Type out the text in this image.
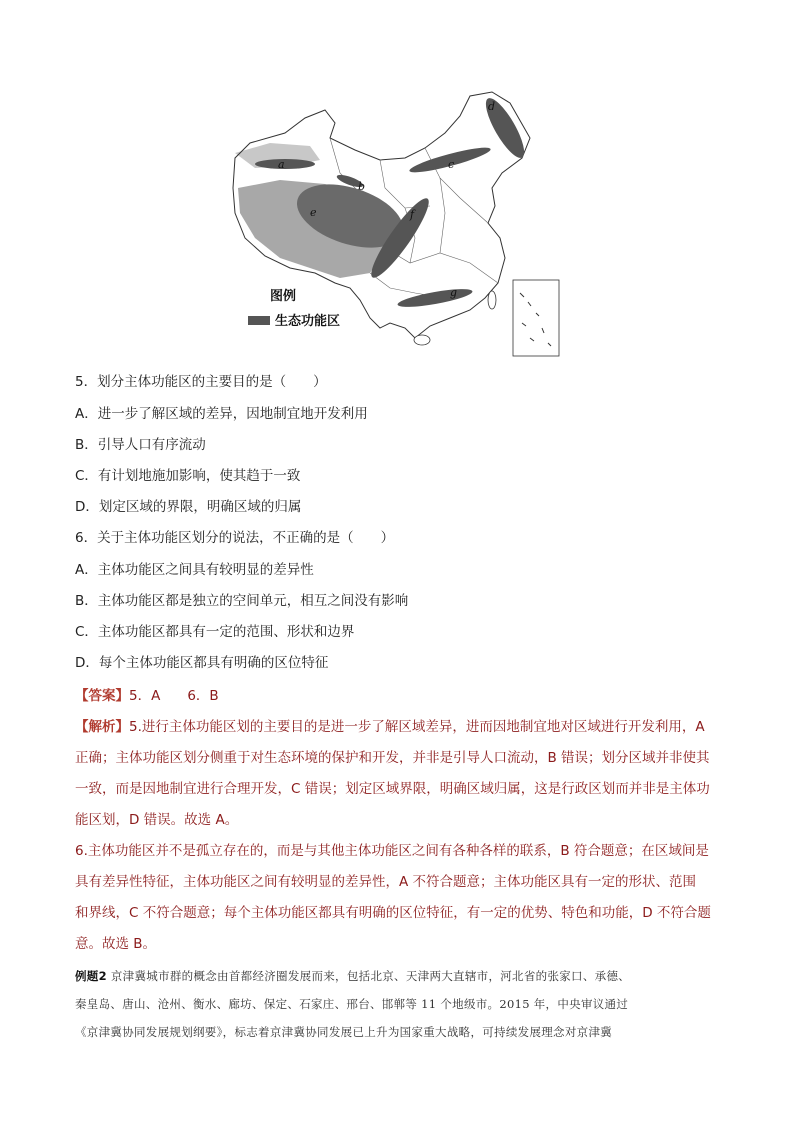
a
b
c
d
e	f
g
图例
生态功能区
5．划分主体功能区的主要目的是（　　）
A．进一步了解区域的差异，因地制宜地开发利用
B．引导人口有序流动
C．有计划地施加影响，使其趋于一致
D．划定区域的界限，明确区域的归属
6．关于主体功能区划分的说法，不正确的是（　　）
A．主体功能区之间具有较明显的差异性
B．主体功能区都是独立的空间单元，相互之间没有影响
C．主体功能区都具有一定的范围、形状和边界
D．每个主体功能区都具有明确的区位特征
【答案】5．A　　6．B
【解析】5.进行主体功能区划的主要目的是进一步了解区域差异，进而因地制宜地对区域进行开发利用，A
正确；主体功能区划分侧重于对生态环境的保护和开发，并非是引导人口流动，B 错误；划分区域并非使其
一致，而是因地制宜进行合理开发，C 错误；划定区域界限，明确区域归属，这是行政区划而并非是主体功
能区划，D 错误。故选 A。
6.主体功能区并不是孤立存在的，而是与其他主体功能区之间有各种各样的联系，B 符合题意；在区域间是
具有差异性特征，主体功能区之间有较明显的差异性，A 不符合题意；主体功能区具有一定的形状、范围
和界线，C 不符合题意；每个主体功能区都具有明确的区位特征，有一定的优势、特色和功能，D 不符合题
意。故选 B。
例题2 京津冀城市群的概念由首都经济圈发展而来，包括北京、天津两大直辖市，河北省的张家口、承德、
秦皇岛、唐山、沧州、衡水、廊坊、保定、石家庄、邢台、邯郸等 11 个地级市。2015 年，中央审议通过
《京津冀协同发展规划纲要》，标志着京津冀协同发展已上升为国家重大战略，可持续发展理念对京津冀
